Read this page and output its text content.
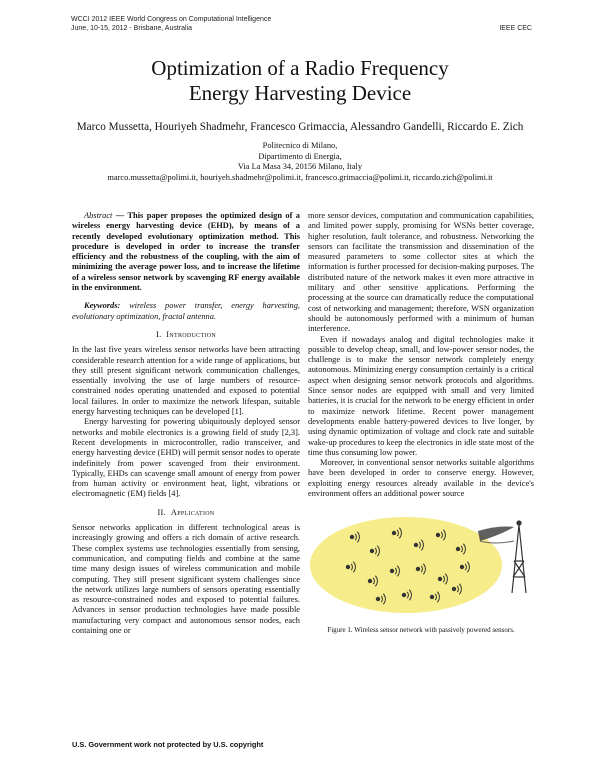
WCCI 2012 IEEE World Congress on Computational Intelligence
June, 10-15, 2012 - Brisbane, Australia	IEEE CEC
Optimization of a Radio Frequency
Energy Harvesting Device
Marco Mussetta, Houriyeh Shadmehr, Francesco Grimaccia, Alessandro Gandelli, Riccardo E. Zich
Politecnico di Milano,
Dipartimento di Energia,
Via La Masa 34, 20156 Milano, Italy
marco.mussetta@polimi.it, houriyeh.shadmehr@polimi.it, francesco.grimaccia@polimi.it, riccardo.zich@polimi.it

Abstract — This paper proposes the optimized design of a wireless energy harvesting device (EHD), by means of a recently developed evolutionary optimization method. This procedure is developed in order to increase the transfer efficiency and the robustness of the coupling, with the aim of minimizing the average power loss, and to increase the lifetime of a wireless sensor network by scavenging RF energy available in the environment.

Keywords: wireless power transfer, energy harvesting, evolutionary optimization, fractal antenna.

I. Introduction

In the last five years wireless sensor networks have been attracting considerable research attention for a wide range of applications, but they still present significant network communication challenges, essentially involving the use of large numbers of resource-constrained nodes operating unattended and exposed to potential local failures. In order to maximize the network lifespan, suitable energy harvesting techniques can be developed [1].

Energy harvesting for powering ubiquitously deployed sensor networks and mobile electronics is a growing field of study [2,3]. Recent developments in microcontroller, radio transceiver, and energy harvesting device (EHD) will permit sensor nodes to operate indefinitely from power scavenged from their environment. Typically, EHDs can scavenge small amount of energy from power from human activity or environment heat, light, vibrations or electromagnetic (EM) fields [4].

II. Application

Sensor networks application in different technological areas is increasingly growing and offers a rich domain of active research. These complex systems use technologies essentially from sensing, communication, and computing fields and combine at the same time many design issues of wireless communication and mobile computing. They still present significant system challenges since the network utilizes large numbers of sensors operating essentially as resource-constrained nodes and exposed to potential failures. Advances in sensor production technologies have made possible manufacturing very compact and autonomous sensor nodes, each containing one or

more sensor devices, computation and communication capabilities, and limited power supply, promising for WSNs better coverage, higher resolution, fault tolerance, and robustness. Networking the sensors can facilitate the transmission and dissemination of the measured parameters to some collector sites at which the information is further processed for decision-making purposes. The distributed nature of the network makes it even more attractive in military and other sensitive applications. Performing the processing at the source can dramatically reduce the computational cost of networking and management; therefore, WSN organization should be autonomously performed with a minimum of human interference.

Even if nowadays analog and digital technologies make it possible to develop cheap, small, and low-power sensor nodes, the challenge is to make the sensor network completely energy autonomous. Minimizing energy consumption certainly is a critical aspect when designing sensor network protocols and algorithms. Since sensor nodes are equipped with small and very limited batteries, it is crucial for the network to be energy efficient in order to maximize network lifetime. Recent power management developments enable battery-powered devices to live longer, by using dynamic optimization of voltage and clock rate and suitable wake-up procedures to keep the electronics in idle state most of the time thus consuming low power.

Moreover, in conventional sensor networks suitable algorithms have been developed in order to conserve energy. However, exploiting energy resources already available in the device's environment offers an additional power source

Figure 1. Wireless sensor network with passively powered sensors.
U.S. Government work not protected by U.S. copyright
